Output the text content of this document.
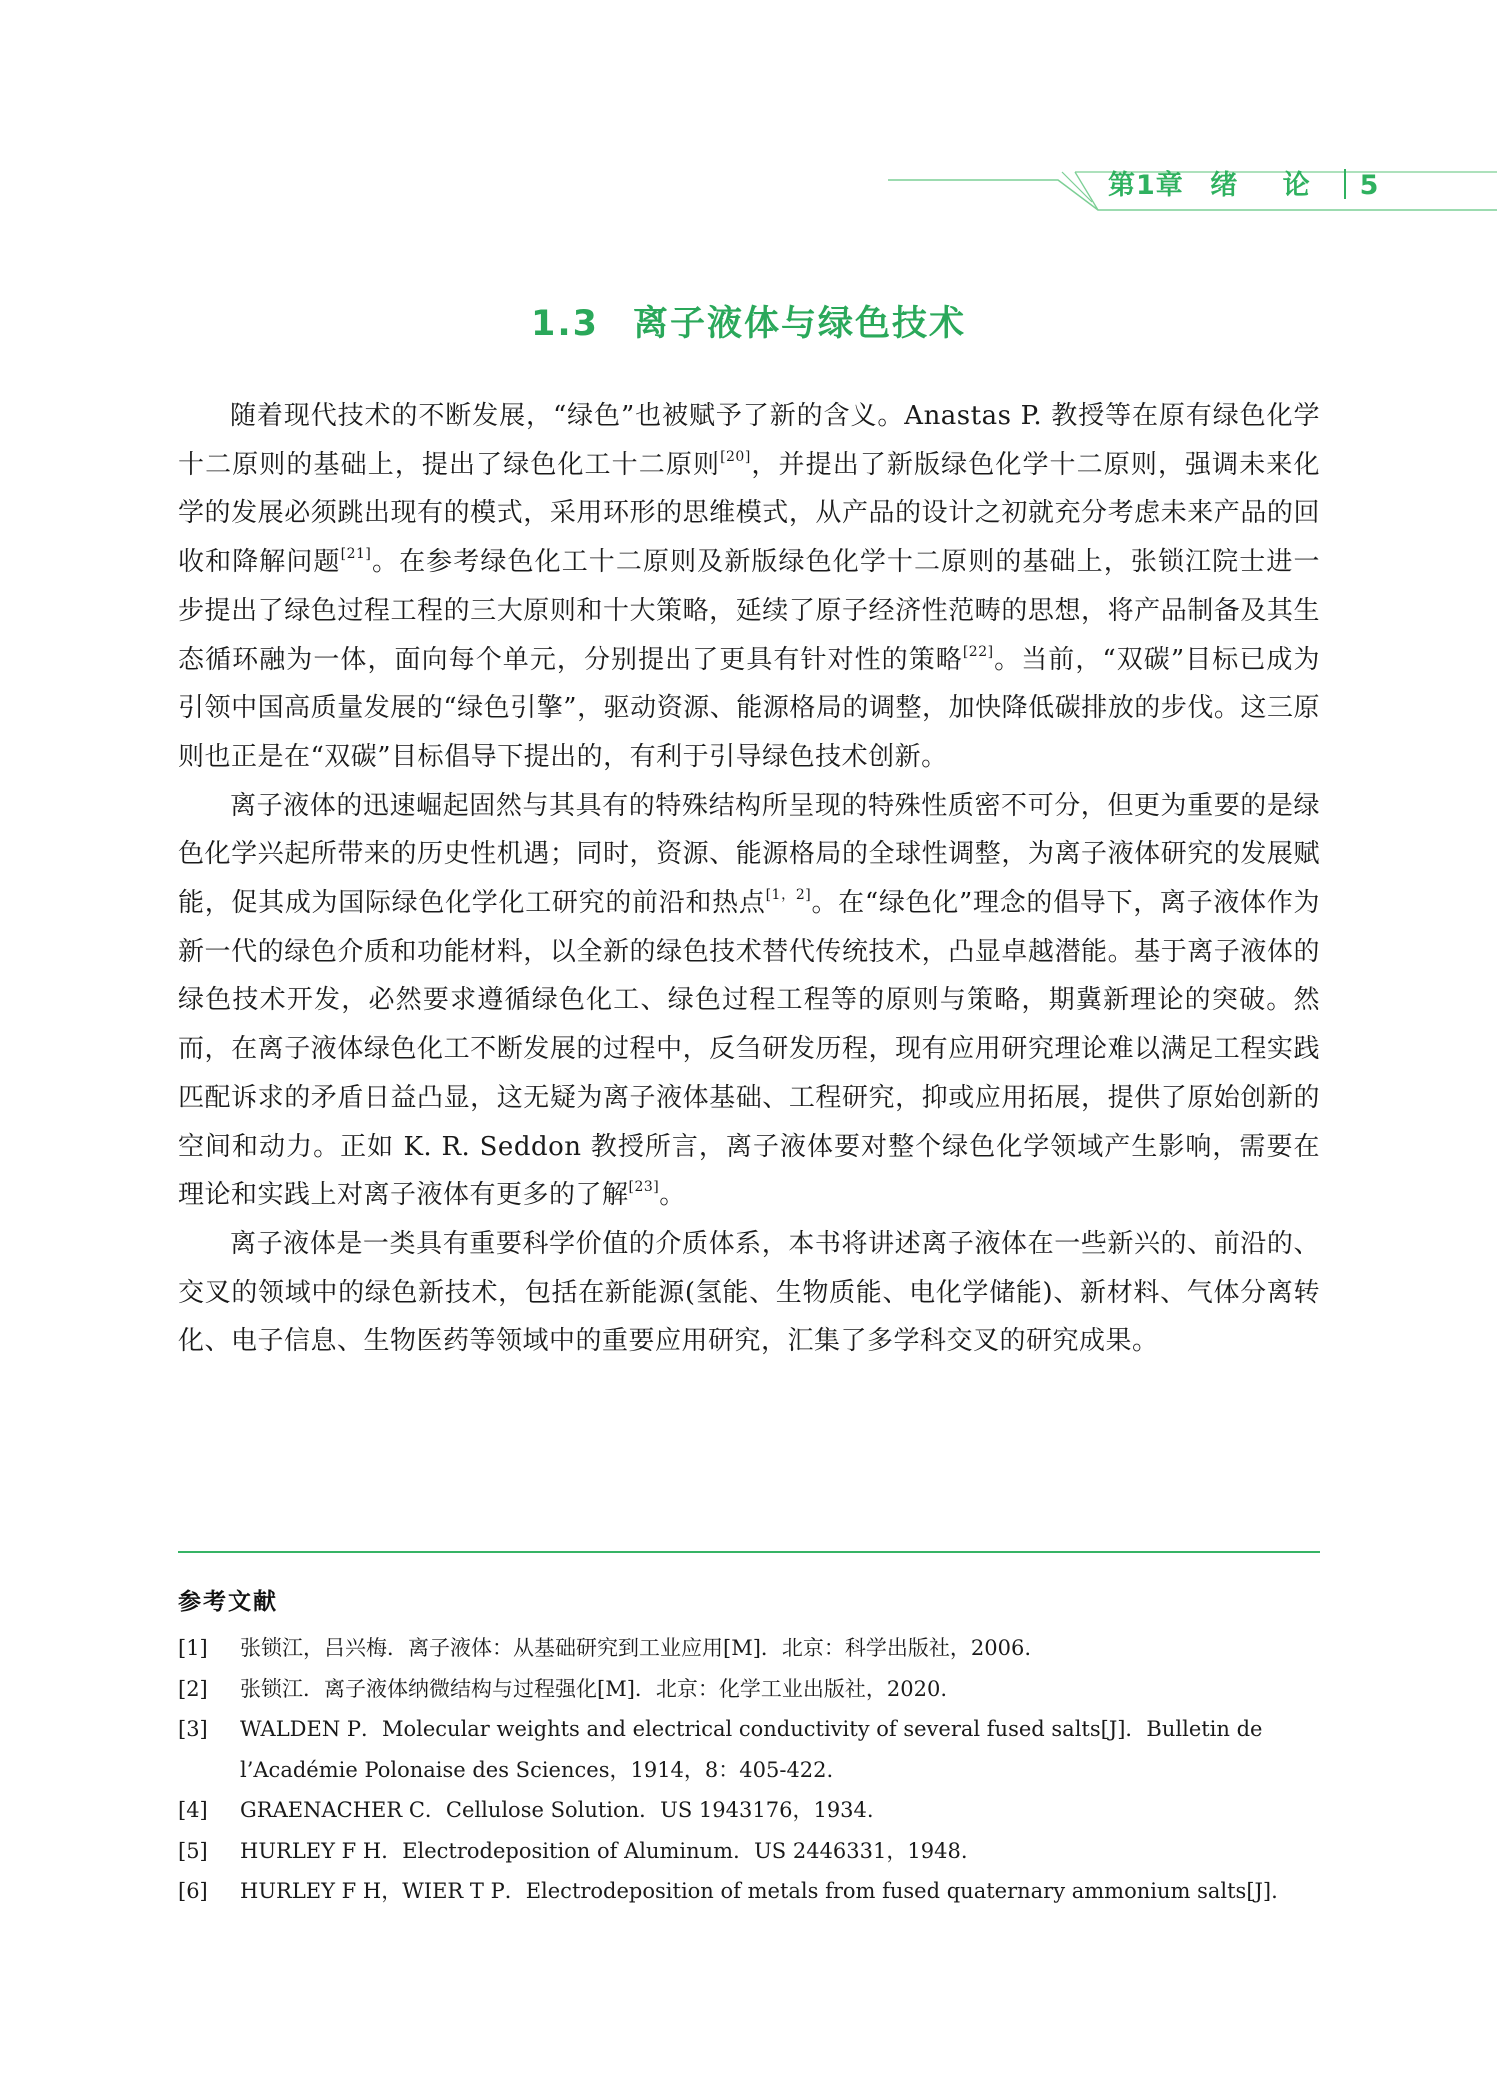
第1章 绪 论 5
1.3 离子液体与绿色技术

随着现代技术的不断发展，“绿色”也被赋予了新的含义。Anastas P. 教授等在原有绿色化学十二原则的基础上，提出了绿色化工十二原则[20]，并提出了新版绿色化学十二原则，强调未来化学的发展必须跳出现有的模式，采用环形的思维模式，从产品的设计之初就充分考虑未来产品的回收和降解问题[21]。在参考绿色化工十二原则及新版绿色化学十二原则的基础上，张锁江院士进一步提出了绿色过程工程的三大原则和十大策略，延续了原子经济性范畴的思想，将产品制备及其生态循环融为一体，面向每个单元，分别提出了更具有针对性的策略[22]。当前，“双碳”目标已成为引领中国高质量发展的“绿色引擎”，驱动资源、能源格局的调整，加快降低碳排放的步伐。这三原则也正是在“双碳”目标倡导下提出的，有利于引导绿色技术创新。

离子液体的迅速崛起固然与其具有的特殊结构所呈现的特殊性质密不可分，但更为重要的是绿色化学兴起所带来的历史性机遇；同时，资源、能源格局的全球性调整，为离子液体研究的发展赋能，促其成为国际绿色化学化工研究的前沿和热点[1，2]。在“绿色化”理念的倡导下，离子液体作为新一代的绿色介质和功能材料，以全新的绿色技术替代传统技术，凸显卓越潜能。基于离子液体的绿色技术开发，必然要求遵循绿色化工、绿色过程工程等的原则与策略，期冀新理论的突破。然而，在离子液体绿色化工不断发展的过程中，反刍研发历程，现有应用研究理论难以满足工程实践匹配诉求的矛盾日益凸显，这无疑为离子液体基础、工程研究，抑或应用拓展，提供了原始创新的空间和动力。正如 K. R. Seddon 教授所言，离子液体要对整个绿色化学领域产生影响，需要在理论和实践上对离子液体有更多的了解[23]。

离子液体是一类具有重要科学价值的介质体系，本书将讲述离子液体在一些新兴的、前沿的、交叉的领域中的绿色新技术，包括在新能源(氢能、生物质能、电化学储能)、新材料、气体分离转化、电子信息、生物医药等领域中的重要应用研究，汇集了多学科交叉的研究成果。

参考文献
[1] 张锁江，吕兴梅．离子液体：从基础研究到工业应用[M]．北京：科学出版社，2006.
[2] 张锁江．离子液体纳微结构与过程强化[M]．北京：化学工业出版社，2020.
[3] WALDEN P．Molecular weights and electrical conductivity of several fused salts[J]．Bulletin de l’Académie Polonaise des Sciences，1914，8：405-422.
[4] GRAENACHER C．Cellulose Solution．US 1943176，1934.
[5] HURLEY F H．Electrodeposition of Aluminum．US 2446331，1948.
[6] HURLEY F H，WIER T P．Electrodeposition of metals from fused quaternary ammonium salts[J].
